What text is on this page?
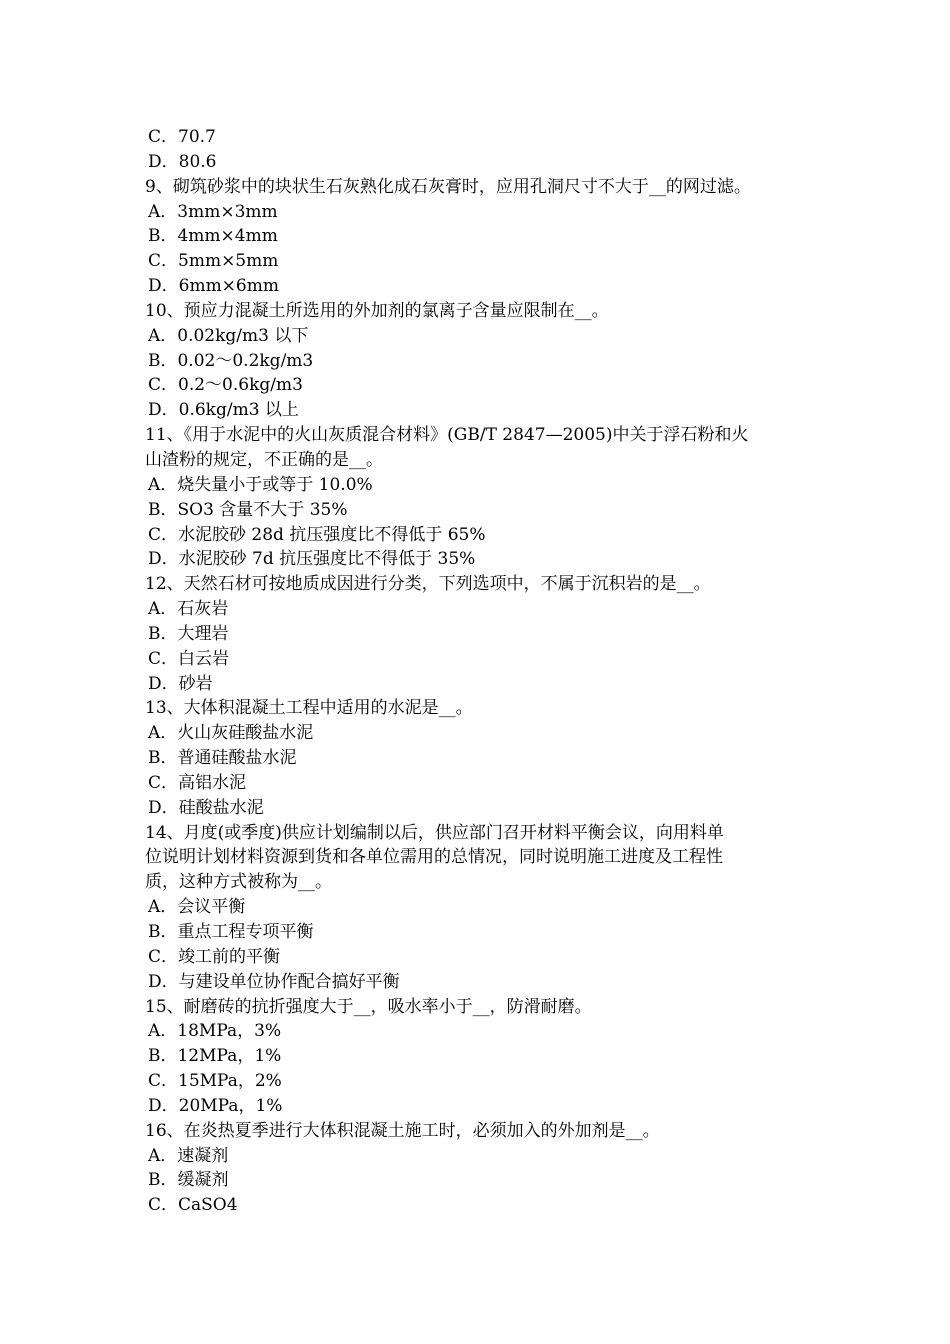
C．70.7
D．80.6
9、砌筑砂浆中的块状生石灰熟化成石灰膏时，应用孔洞尺寸不大于__的网过滤。
A．3mm×3mm
B．4mm×4mm
C．5mm×5mm
D．6mm×6mm
10、预应力混凝土所选用的外加剂的氯离子含量应限制在__。
A．0.02kg/m3 以下
B．0.02～0.2kg/m3
C．0.2～0.6kg/m3
D．0.6kg/m3 以上
11、《用于水泥中的火山灰质混合材料》(GB/T 2847—2005)中关于浮石粉和火
山渣粉的规定，不正确的是__。
A．烧失量小于或等于 10.0%
B．SO3 含量不大于 35%
C．水泥胶砂 28d 抗压强度比不得低于 65%
D．水泥胶砂 7d 抗压强度比不得低于 35%
12、天然石材可按地质成因进行分类，下列选项中，不属于沉积岩的是__。
A．石灰岩
B．大理岩
C．白云岩
D．砂岩
13、大体积混凝土工程中适用的水泥是__。
A．火山灰硅酸盐水泥
B．普通硅酸盐水泥
C．高铝水泥
D．硅酸盐水泥
14、月度(或季度)供应计划编制以后，供应部门召开材料平衡会议，向用料单
位说明计划材料资源到货和各单位需用的总情况，同时说明施工进度及工程性
质，这种方式被称为__。
A．会议平衡
B．重点工程专项平衡
C．竣工前的平衡
D．与建设单位协作配合搞好平衡
15、耐磨砖的抗折强度大于__，吸水率小于__，防滑耐磨。
A．18MPa，3%
B．12MPa，1%
C．15MPa，2%
D．20MPa，1%
16、在炎热夏季进行大体积混凝土施工时，必须加入的外加剂是__。
A．速凝剂
B．缓凝剂
C．CaSO4
